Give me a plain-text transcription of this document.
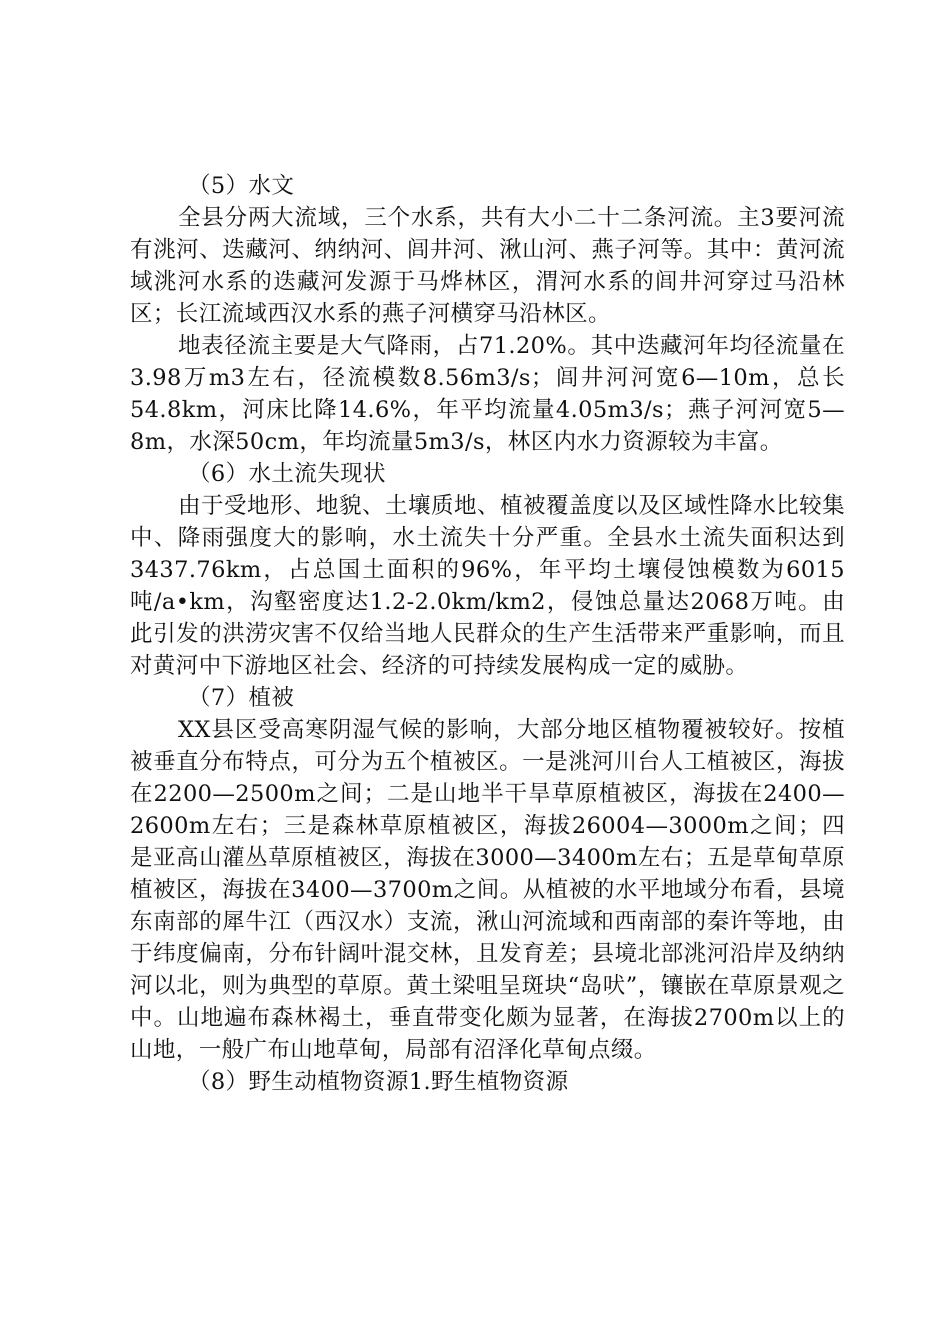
（5）水文

全县分两大流域，三个水系，共有大小二十二条河流。主3要河流有洮河、迭藏河、纳纳河、闾井河、湫山河、燕子河等。其中：黄河流域洮河水系的迭藏河发源于马烨林区，渭河水系的闾井河穿过马沿林区；长江流域西汉水系的燕子河横穿马沿林区。

地表径流主要是大气降雨，占71.20%。其中迭藏河年均径流量在3.98万m3左右，径流模数8.56m3/s；闾井河河宽6—10m，总长54.8km，河床比降14.6%，年平均流量4.05m3/s；燕子河河宽5—8m，水深50cm，年均流量5m3/s，林区内水力资源较为丰富。

（6）水土流失现状

由于受地形、地貌、土壤质地、植被覆盖度以及区域性降水比较集中、降雨强度大的影响，水土流失十分严重。全县水土流失面积达到3437.76km，占总国土面积的96%，年平均土壤侵蚀模数为6015吨/a•km，沟壑密度达1.2-2.0km/km2，侵蚀总量达2068万吨。由此引发的洪涝灾害不仅给当地人民群众的生产生活带来严重影响，而且对黄河中下游地区社会、经济的可持续发展构成一定的威胁。

（7）植被

XX县区受高寒阴湿气候的影响，大部分地区植物覆被较好。按植被垂直分布特点，可分为五个植被区。一是洮河川台人工植被区，海拔在2200—2500m之间；二是山地半干旱草原植被区，海拔在2400—2600m左右；三是森林草原植被区，海拔26004—3000m之间；四是亚高山灌丛草原植被区，海拔在3000—3400m左右；五是草甸草原植被区，海拔在3400—3700m之间。从植被的水平地域分布看，县境东南部的犀牛江（西汉水）支流，湫山河流域和西南部的秦许等地，由于纬度偏南，分布针阔叶混交林，且发育差；县境北部洮河沿岸及纳纳河以北，则为典型的草原。黄土梁咀呈斑块“岛吠”，镶嵌在草原景观之中。山地遍布森林褐土，垂直带变化颇为显著，在海拔2700m以上的山地，一般广布山地草甸，局部有沼泽化草甸点缀。

（8）野生动植物资源1.野生植物资源
